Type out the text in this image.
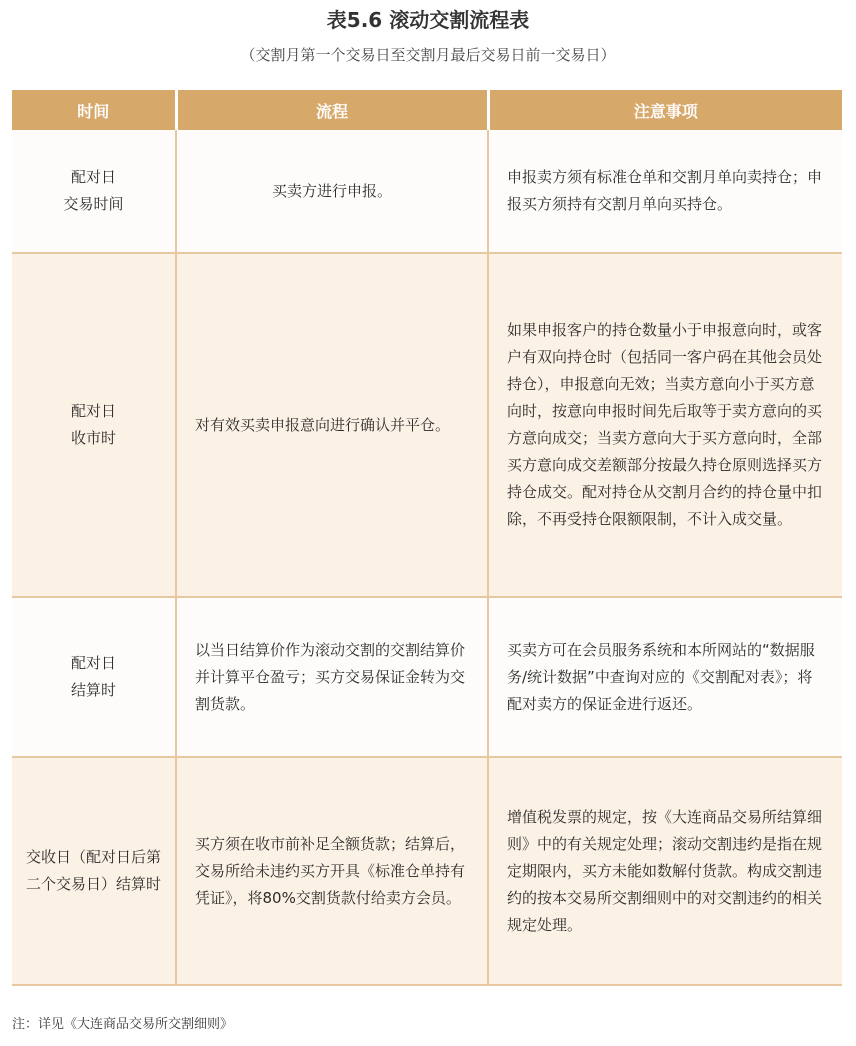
表5.6 滚动交割流程表
（交割月第一个交易日至交割月最后交易日前一交易日）
时间	流程	注意事项
配对日
交易时间	买卖方进行申报。	申报卖方须有标准仓单和交割月单向卖持仓；申报买方须持有交割月单向买持仓。
配对日
收市时	对有效买卖申报意向进行确认并平仓。	如果申报客户的持仓数量小于申报意向时，或客户有双向持仓时（包括同一客户码在其他会员处持仓），申报意向无效；当卖方意向小于买方意向时，按意向申报时间先后取等于卖方意向的买方意向成交；当卖方意向大于买方意向时，全部买方意向成交差额部分按最久持仓原则选择买方持仓成交。配对持仓从交割月合约的持仓量中扣除，不再受持仓限额限制，不计入成交量。
配对日
结算时	以当日结算价作为滚动交割的交割结算价并计算平仓盈亏；买方交易保证金转为交割货款。	买卖方可在会员服务系统和本所网站的“数据服务/统计数据”中查询对应的《交割配对表》；将配对卖方的保证金进行返还。
交收日（配对日后第二个交易日）结算时	买方须在收市前补足全额货款；结算后，交易所给未违约买方开具《标准仓单持有凭证》，将80%交割货款付给卖方会员。	增值税发票的规定，按《大连商品交易所结算细则》中的有关规定处理；滚动交割违约是指在规定期限内，买方未能如数解付货款。构成交割违约的按本交易所交割细则中的对交割违约的相关规定处理。
注：详见《大连商品交易所交割细则》
